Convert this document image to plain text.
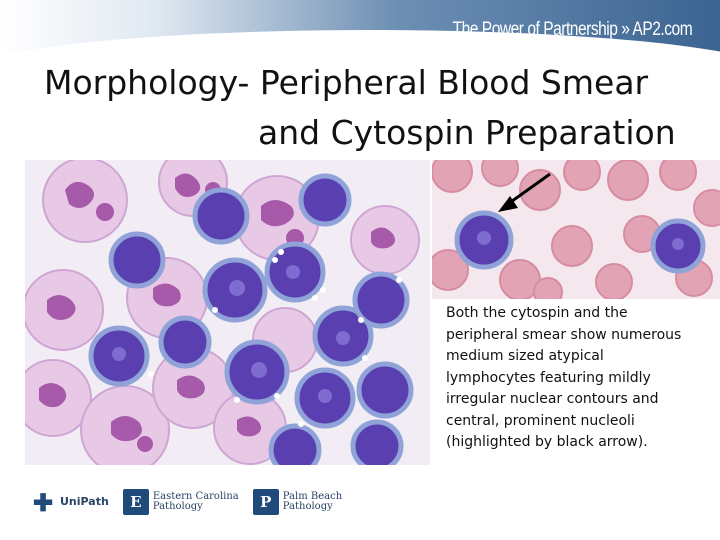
The Power of Partnership » AP2.com
Morphology- Peripheral Blood Smear
and Cytospin Preparation

Both the cytospin and the peripheral smear show numerous medium sized atypical lymphocytes featuring mildly irregular nuclear contours and central, prominent nucleoli (highlighted by black arrow).

✚ UniPath	E	Eastern Carolina
Pathology	P	Palm Beach
Pathology
